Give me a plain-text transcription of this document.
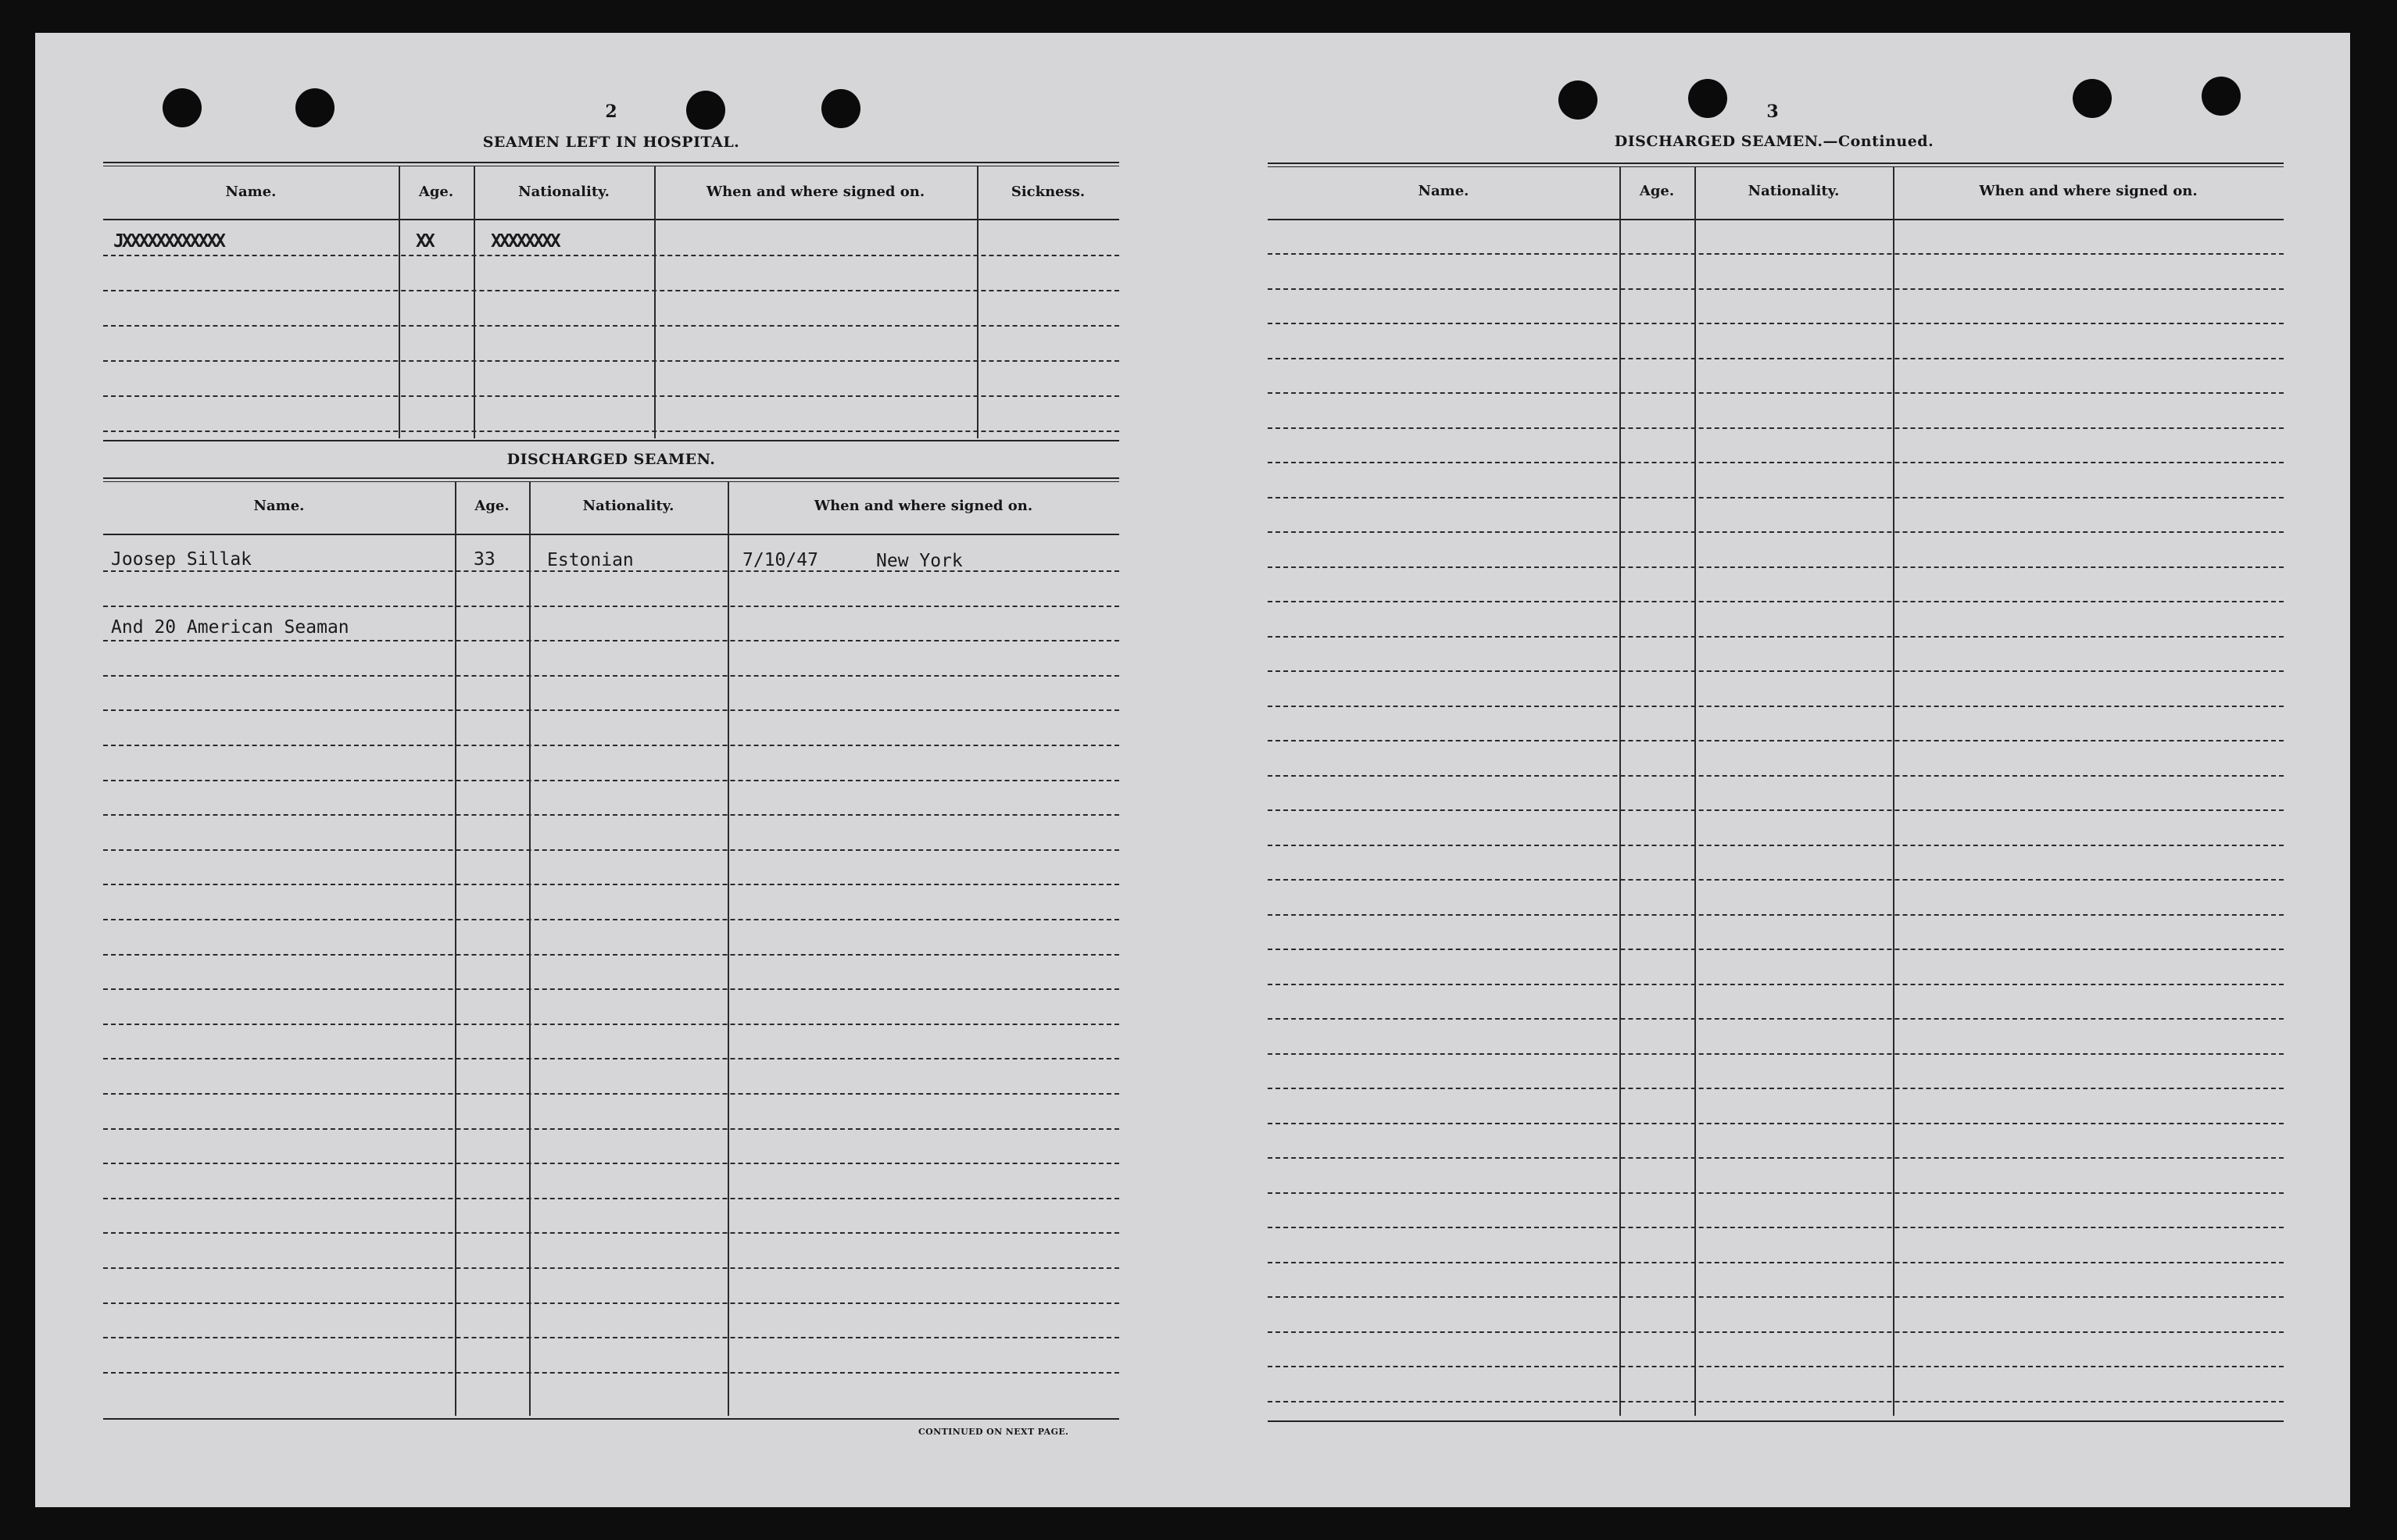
2
SEAMEN LEFT IN HOSPITAL.
Name.	Age.	Nationality.	When and where signed on.	Sickness.
JXXXXXXXXXXXX	XX	XXXXXXXX
DISCHARGED SEAMEN.
Name.	Age.	Nationality.	When and where signed on.
Joosep Sillak	33	Estonian	7/10/47	New York
And 20 American Seaman
CONTINUED ON NEXT PAGE.
3
DISCHARGED SEAMEN.—Continued.
Name.	Age.	Nationality.	When and where signed on.
